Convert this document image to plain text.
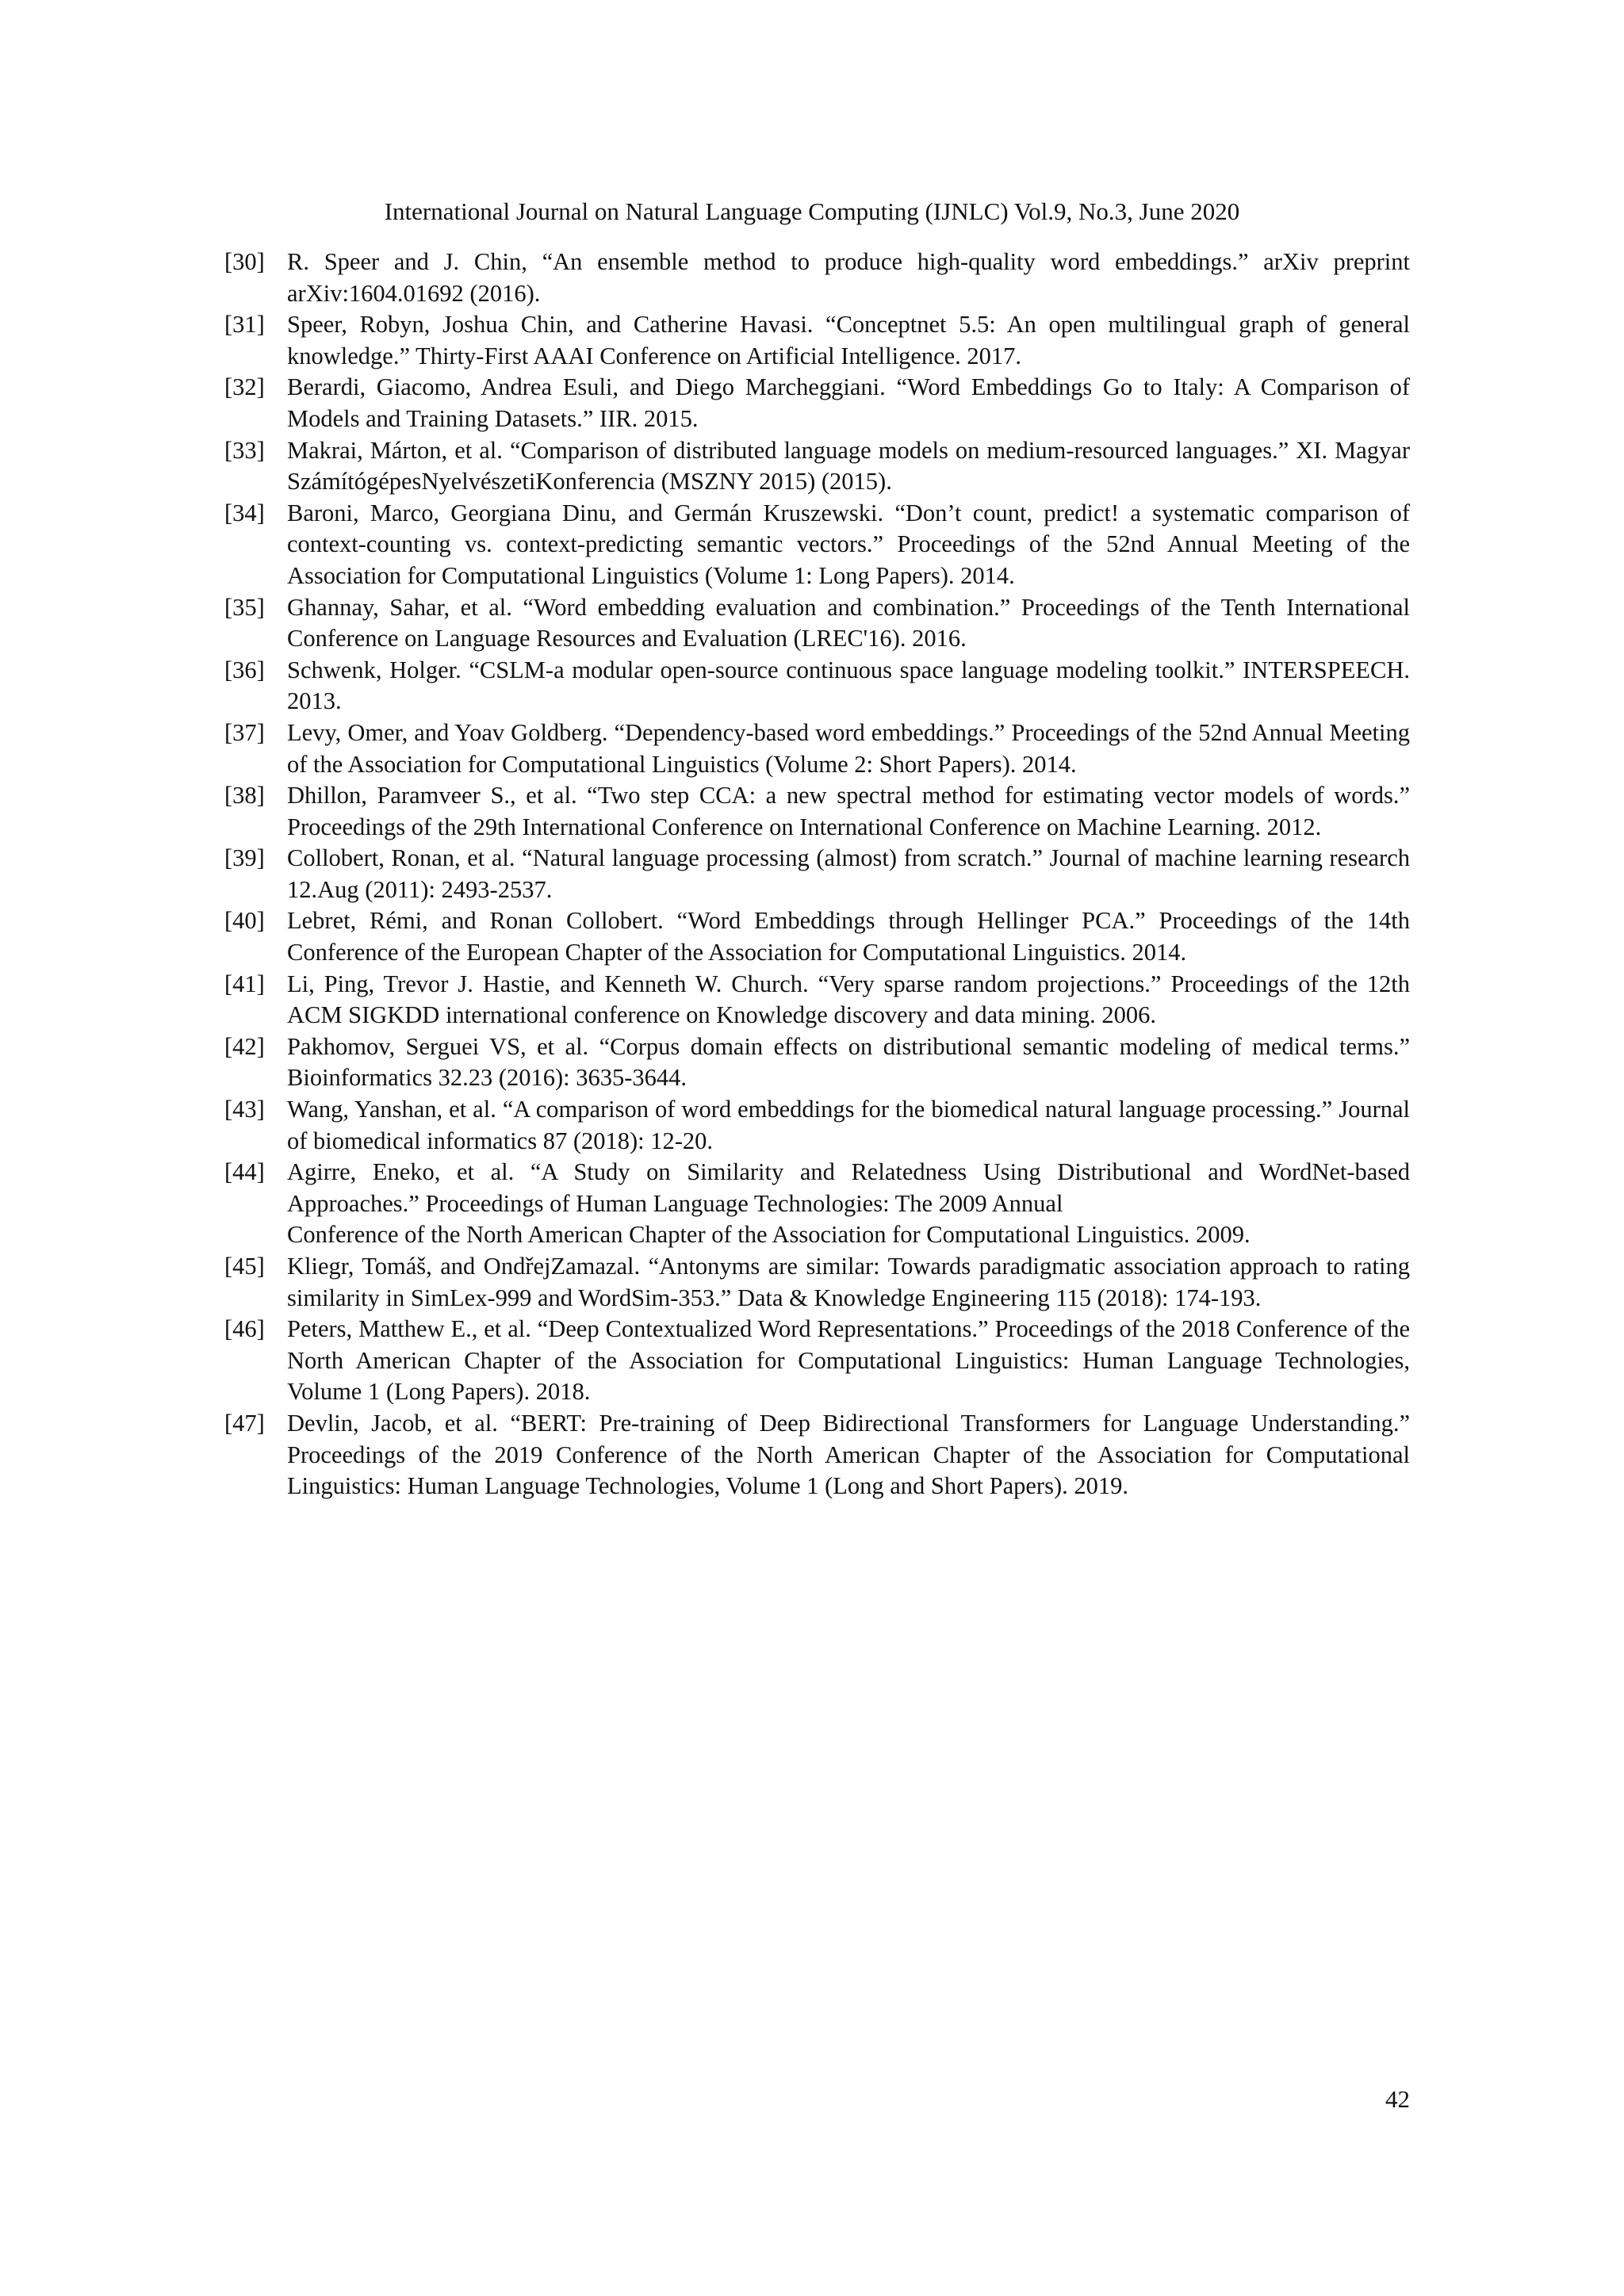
International Journal on Natural Language Computing (IJNLC) Vol.9, No.3, June 2020
[30] R. Speer and J. Chin, “An ensemble method to produce high-quality word embeddings.” arXiv preprint arXiv:1604.01692 (2016).
[31] Speer, Robyn, Joshua Chin, and Catherine Havasi. “Conceptnet 5.5: An open multilingual graph of general knowledge.” Thirty-First AAAI Conference on Artificial Intelligence. 2017.
[32] Berardi, Giacomo, Andrea Esuli, and Diego Marcheggiani. “Word Embeddings Go to Italy: A Comparison of Models and Training Datasets.” IIR. 2015.
[33] Makrai, Márton, et al. “Comparison of distributed language models on medium-resourced languages.” XI. Magyar SzámítógépesNyelvészetiKonferencia (MSZNY 2015) (2015).
[34] Baroni, Marco, Georgiana Dinu, and Germán Kruszewski. “Don’t count, predict! a systematic comparison of context-counting vs. context-predicting semantic vectors.” Proceedings of the 52nd Annual Meeting of the Association for Computational Linguistics (Volume 1: Long Papers). 2014.
[35] Ghannay, Sahar, et al. “Word embedding evaluation and combination.” Proceedings of the Tenth International Conference on Language Resources and Evaluation (LREC'16). 2016.
[36] Schwenk, Holger. “CSLM-a modular open-source continuous space language modeling toolkit.” INTERSPEECH. 2013.
[37] Levy, Omer, and Yoav Goldberg. “Dependency-based word embeddings.” Proceedings of the 52nd Annual Meeting of the Association for Computational Linguistics (Volume 2: Short Papers). 2014.
[38] Dhillon, Paramveer S., et al. “Two step CCA: a new spectral method for estimating vector models of words.” Proceedings of the 29th International Conference on International Conference on Machine Learning. 2012.
[39] Collobert, Ronan, et al. “Natural language processing (almost) from scratch.” Journal of machine learning research 12.Aug (2011): 2493-2537.
[40] Lebret, Rémi, and Ronan Collobert. “Word Embeddings through Hellinger PCA.” Proceedings of the 14th Conference of the European Chapter of the Association for Computational Linguistics. 2014.
[41] Li, Ping, Trevor J. Hastie, and Kenneth W. Church. “Very sparse random projections.” Proceedings of the 12th ACM SIGKDD international conference on Knowledge discovery and data mining. 2006.
[42] Pakhomov, Serguei VS, et al. “Corpus domain effects on distributional semantic modeling of medical terms.” Bioinformatics 32.23 (2016): 3635-3644.
[43] Wang, Yanshan, et al. “A comparison of word embeddings for the biomedical natural language processing.” Journal of biomedical informatics 87 (2018): 12-20.
[44] Agirre, Eneko, et al. “A Study on Similarity and Relatedness Using Distributional and WordNet-based Approaches.” Proceedings of Human Language Technologies: The 2009 Annual
Conference of the North American Chapter of the Association for Computational Linguistics. 2009.
[45] Kliegr, Tomáš, and OndřejZamazal. “Antonyms are similar: Towards paradigmatic association approach to rating similarity in SimLex-999 and WordSim-353.” Data & Knowledge Engineering 115 (2018): 174-193.
[46] Peters, Matthew E., et al. “Deep Contextualized Word Representations.” Proceedings of the 2018 Conference of the North American Chapter of the Association for Computational Linguistics: Human Language Technologies, Volume 1 (Long Papers). 2018.
[47] Devlin, Jacob, et al. “BERT: Pre-training of Deep Bidirectional Transformers for Language Understanding.” Proceedings of the 2019 Conference of the North American Chapter of the Association for Computational Linguistics: Human Language Technologies, Volume 1 (Long and Short Papers). 2019.
42
